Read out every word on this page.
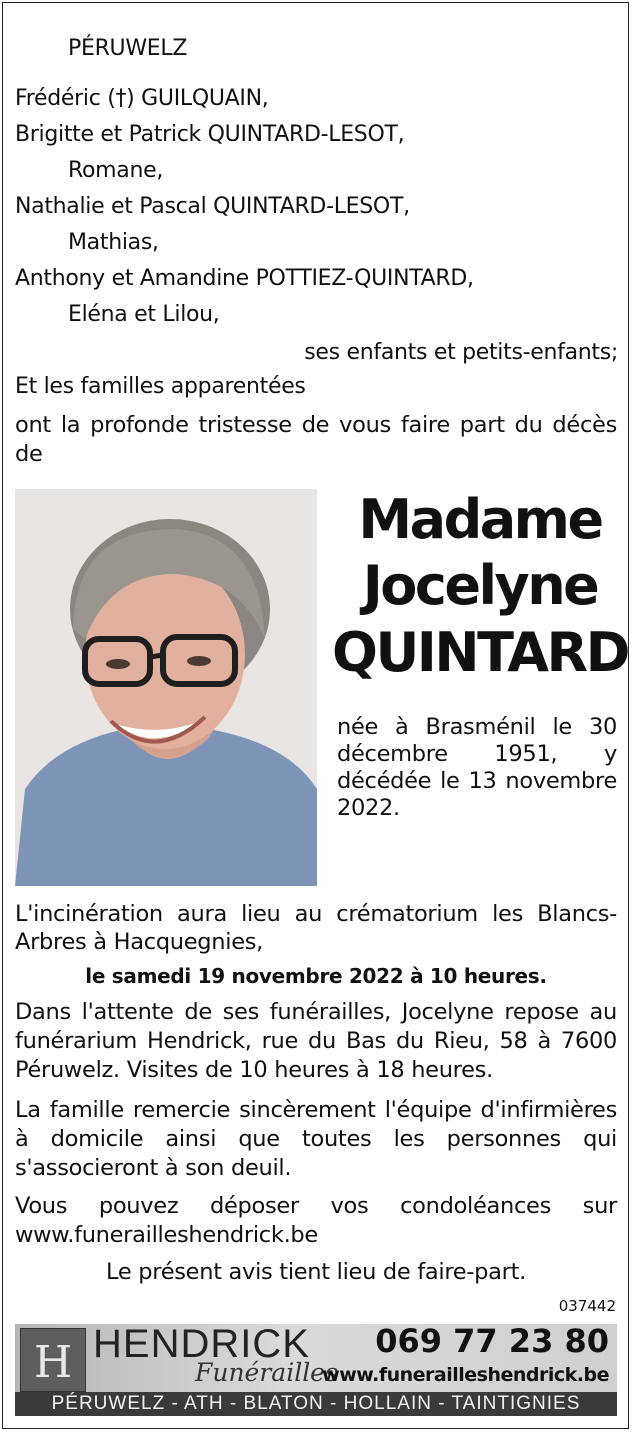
PÉRUWELZ
Frédéric (†) GUILQUAIN,
Brigitte et Patrick QUINTARD-LESOT,
Romane,
Nathalie et Pascal QUINTARD-LESOT,
Mathias,
Anthony et Amandine POTTIEZ-QUINTARD,
Eléna et Lilou,
ses enfants et petits-enfants;
Et les familles apparentées
ont la profonde tristesse de vous faire part du décès de
Madame
Jocelyne
QUINTARD
née à Brasménil le 30 décembre 1951, y décédée le 13 novembre 2022.
L'incinération aura lieu au crématorium les Blancs-Arbres à Hacquegnies,
le samedi 19 novembre 2022 à 10 heures.
Dans l'attente de ses funérailles, Jocelyne repose au funérarium Hendrick, rue du Bas du Rieu, 58 à 7600 Péruwelz. Visites de 10 heures à 18 heures.
La famille remercie sincèrement l'équipe d'infirmières à domicile ainsi que toutes les personnes qui s'associeront à son deuil.
Vous pouvez déposer vos condoléances sur www.funerailleshendrick.be
Le présent avis tient lieu de faire-part.
037442
H HENDRICK
Funérailles
069 77 23 80
www.funerailleshendrick.be
PÉRUWELZ - ATH - BLATON - HOLLAIN - TAINTIGNIES
